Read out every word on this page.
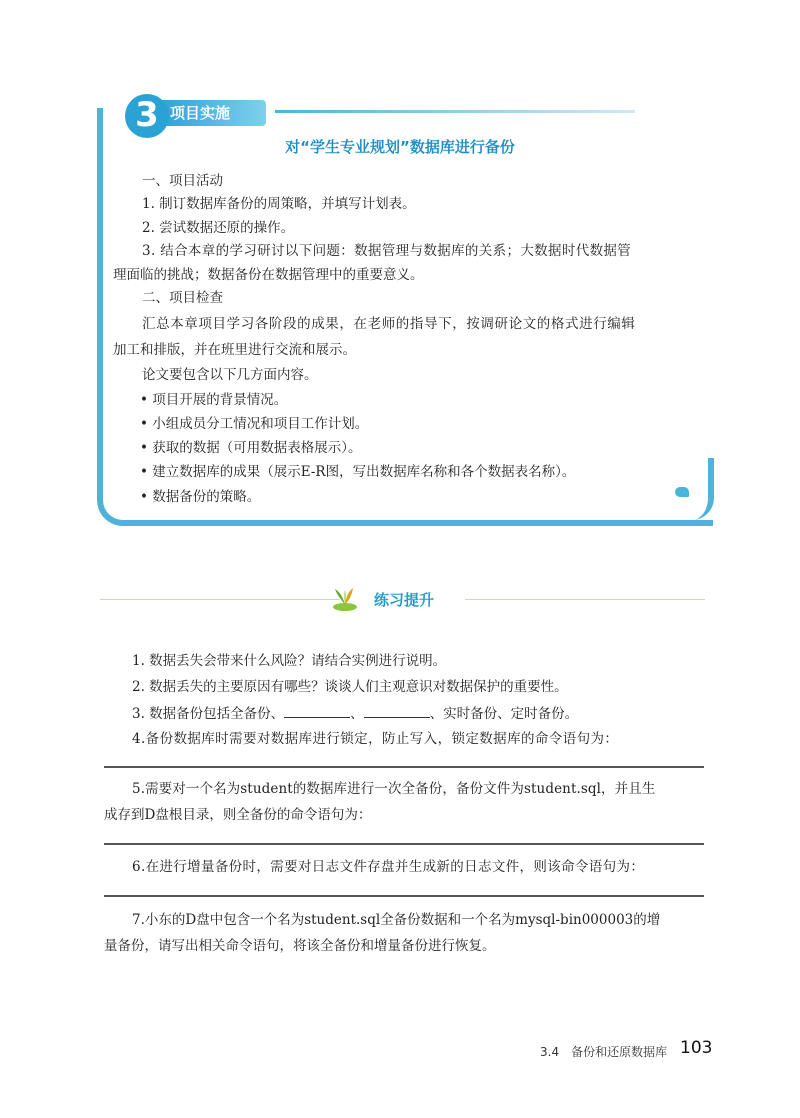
项目实施
3
对“学生专业规划”数据库进行备份
一、项目活动
1. 制订数据库备份的周策略，并填写计划表。
2. 尝试数据还原的操作。
3. 结合本章的学习研讨以下问题：数据管理与数据库的关系；大数据时代数据管
理面临的挑战；数据备份在数据管理中的重要意义。
二、项目检查
汇总本章项目学习各阶段的成果，在老师的指导下，按调研论文的格式进行编辑
加工和排版，并在班里进行交流和展示。
论文要包含以下几方面内容。
• 项目开展的背景情况。
• 小组成员分工情况和项目工作计划。
• 获取的数据（可用数据表格展示）。
• 建立数据库的成果（展示E-R图，写出数据库名称和各个数据表名称）。
• 数据备份的策略。
练习提升
1. 数据丢失会带来什么风险？请结合实例进行说明。
2. 数据丢失的主要原因有哪些？谈谈人们主观意识对数据保护的重要性。
3. 数据备份包括全备份、	、	、实时备份、定时备份。
4.备份数据库时需要对数据库进行锁定，防止写入，锁定数据库的命令语句为：
5.需要对一个名为student的数据库进行一次全备份，备份文件为student.sql，并且生
成存到D盘根目录，则全备份的命令语句为：
6.在进行增量备份时，需要对日志文件存盘并生成新的日志文件，则该命令语句为：
7.小东的D盘中包含一个名为student.sql全备份数据和一个名为mysql-bin000003的增
量备份，请写出相关命令语句，将该全备份和增量备份进行恢复。
3.4　备份和还原数据库 103
